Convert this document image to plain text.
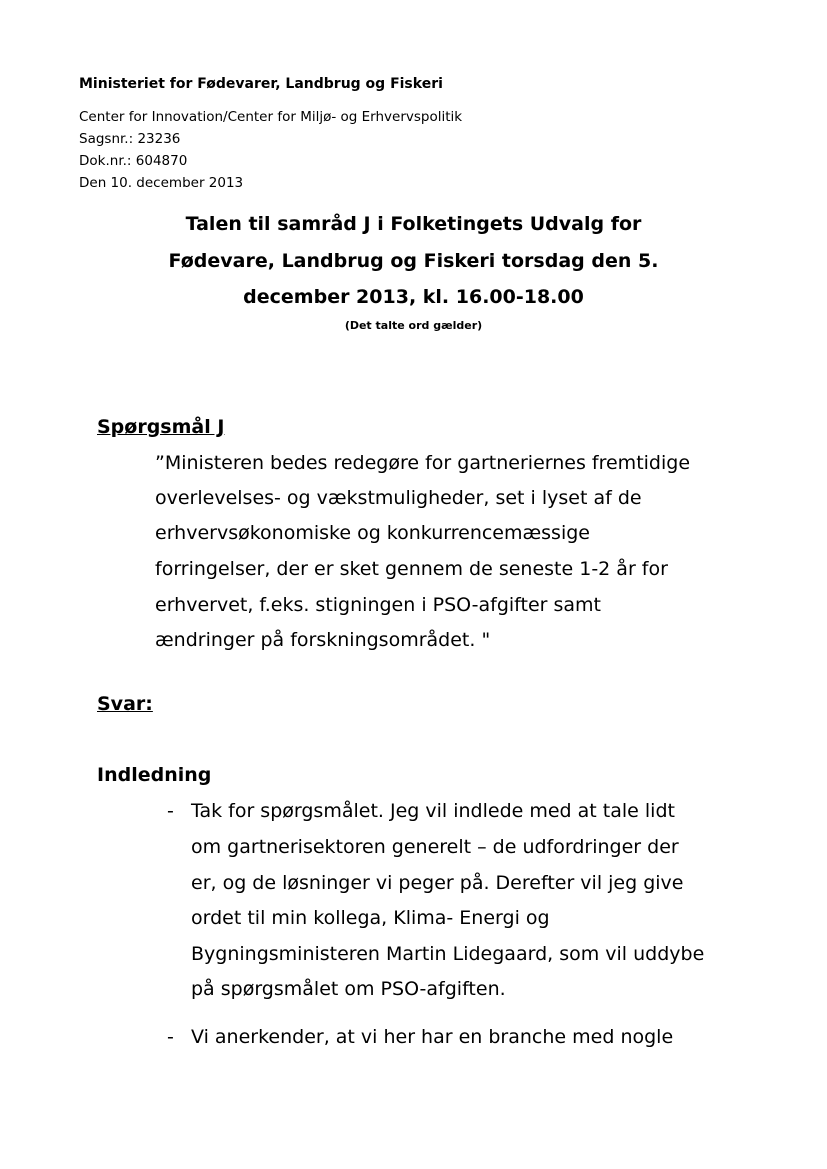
Ministeriet for Fødevarer, Landbrug og Fiskeri
Center for Innovation/Center for Miljø- og Erhvervspolitik
Sagsnr.: 23236
Dok.nr.: 604870
Den 10. december 2013
Talen til samråd J i Folketingets Udvalg for
Fødevare, Landbrug og Fiskeri torsdag den 5.
december 2013, kl. 16.00-18.00
(Det talte ord gælder)
Spørgsmål J
”Ministeren bedes redegøre for gartneriernes fremtidige
overlevelses- og vækstmuligheder, set i lyset af de
erhvervsøkonomiske og konkurrencemæssige
forringelser, der er sket gennem de seneste 1-2 år for
erhvervet, f.eks. stigningen i PSO-afgifter samt
ændringer på forskningsområdet. "
Svar:
Indledning
- Tak for spørgsmålet. Jeg vil indlede med at tale lidt
om gartnerisektoren generelt – de udfordringer der
er, og de løsninger vi peger på. Derefter vil jeg give
ordet til min kollega, Klima- Energi og
Bygningsministeren Martin Lidegaard, som vil uddybe
på spørgsmålet om PSO-afgiften.
- Vi anerkender, at vi her har en branche med nogle
